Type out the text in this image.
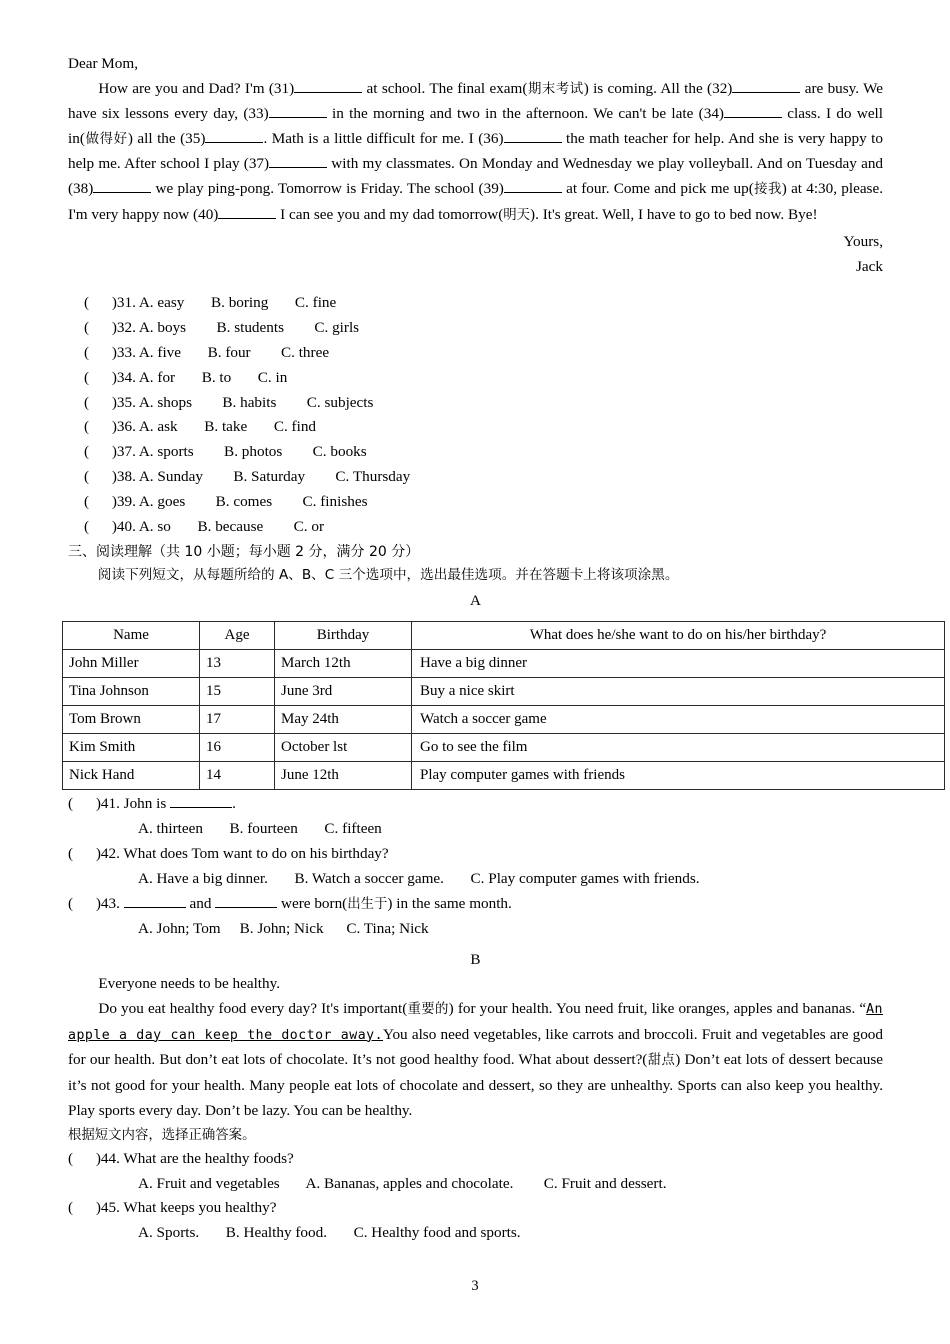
Dear Mom,

How are you and Dad? I'm (31)	at school. The final exam(期末考试) is coming. All the (32)	are busy. We have six lessons every day, (33)	in the morning and two in the afternoon. We can't be late (34)	class. I do well in(做得好) all the (35)	. Math is a little difficult for me. I (36)	the math teacher for help. And she is very happy to help me. After school I play (37)	with my classmates. On Monday and Wednesday we play volleyball. And on Tuesday and (38)	we play ping-pong. Tomorrow is Friday. The school (39)	at four. Come and pick me up(接我) at 4:30, please. I'm very happy now (40)	I can see you and my dad tomorrow(明天). It's great. Well, I have to go to bed now. Bye!

Yours,
Jack
(      )31. A. easy       B. boring       C. fine
(      )32. A. boys        B. students        C. girls
(      )33. A. five       B. four        C. three
(      )34. A. for       B. to       C. in
(      )35. A. shops        B. habits        C. subjects
(      )36. A. ask       B. take       C. find
(      )37. A. sports        B. photos        C. books
(      )38. A. Sunday        B. Saturday        C. Thursday
(      )39. A. goes        B. comes        C. finishes
(      )40. A. so       B. because        C. or
三、阅读理解（共 10 小题；每小题 2 分，满分 20 分）
阅读下列短文，从每题所给的 A、B、C 三个选项中，选出最佳选项。并在答题卡上将该项涂黑。
A
Name	Age	Birthday	What does he/she want to do on his/her birthday?
John Miller	13	March 12th	Have a big dinner
Tina Johnson	15	June 3rd	Buy a nice skirt
Tom Brown	17	May 24th	Watch a soccer game
Kim Smith	16	October lst	Go to see the film
Nick Hand	14	June 12th	Play computer games with friends
(      )41. John is	.
A. thirteen       B. fourteen       C. fifteen
(      )42. What does Tom want to do on his birthday?
A. Have a big dinner.       B. Watch a soccer game.       C. Play computer games with friends.
(      )43.	and	were born(出生于) in the same month.
A. John; Tom     B. John; Nick      C. Tina; Nick
B

Everyone needs to be healthy.

Do you eat healthy food every day? It's important(重要的) for your health. You need fruit, like oranges, apples and bananas. “An apple a day can keep the doctor away.You also need vegetables, like carrots and broccoli. Fruit and vegetables are good for our health. But don’t eat lots of chocolate. It’s not good healthy food. What about dessert?(甜点) Don’t eat lots of dessert because it’s not good for your health. Many people eat lots of chocolate and dessert, so they are unhealthy. Sports can also keep you healthy. Play sports every day. Don’t be lazy. You can be healthy.

根据短文内容，选择正确答案。
(      )44. What are the healthy foods?
A. Fruit and vegetables       A. Bananas, apples and chocolate.        C. Fruit and dessert.
(      )45. What keeps you healthy?
A. Sports.       B. Healthy food.       C. Healthy food and sports.
3
